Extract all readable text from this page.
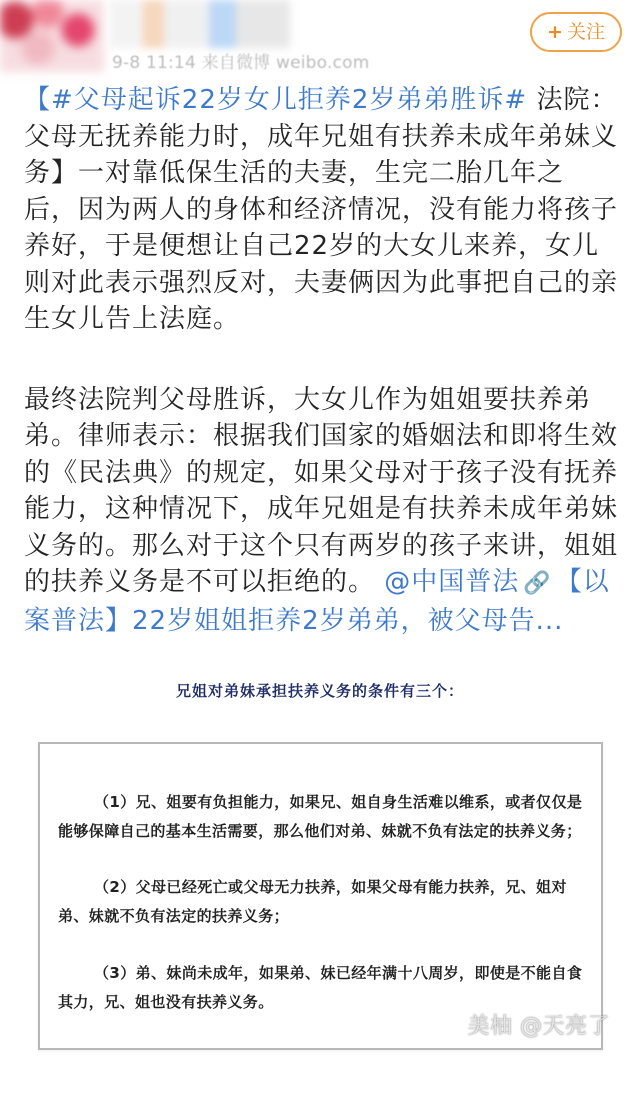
9-8 11:14 来自微博 weibo.com
+ 关注

【#父母起诉22岁女儿拒养2岁弟弟胜诉# 法院：父母无抚养能力时，成年兄姐有扶养未成年弟妹义务】一对靠低保生活的夫妻，生完二胎几年之后，因为两人的身体和经济情况，没有能力将孩子养好，于是便想让自己22岁的大女儿来养，女儿则对此表示强烈反对，夫妻俩因为此事把自己的亲生女儿告上法庭。

最终法院判父母胜诉，大女儿作为姐姐要扶养弟弟。律师表示：根据我们国家的婚姻法和即将生效的《民法典》的规定，如果父母对于孩子没有抚养能力，这种情况下，成年兄姐是有扶养未成年弟妹义务的。那么对于这个只有两岁的孩子来讲，姐姐的扶养义务是不可以拒绝的。 @中国普法 🔗 【以案普法】22岁姐姐拒养2岁弟弟，被父母告...

兄姐对弟妹承担扶养义务的条件有三个：
（1）兄、姐要有负担能力，如果兄、姐自身生活难以维系，或者仅仅是能够保障自己的基本生活需要，那么他们对弟、妹就不负有法定的扶养义务；
（2）父母已经死亡或父母无力扶养，如果父母有能力扶养，兄、姐对弟、妹就不负有法定的扶养义务；
（3）弟、妹尚未成年，如果弟、妹已经年满十八周岁，即使是不能自食其力，兄、姐也没有扶养义务。
美柚 @天亮了
